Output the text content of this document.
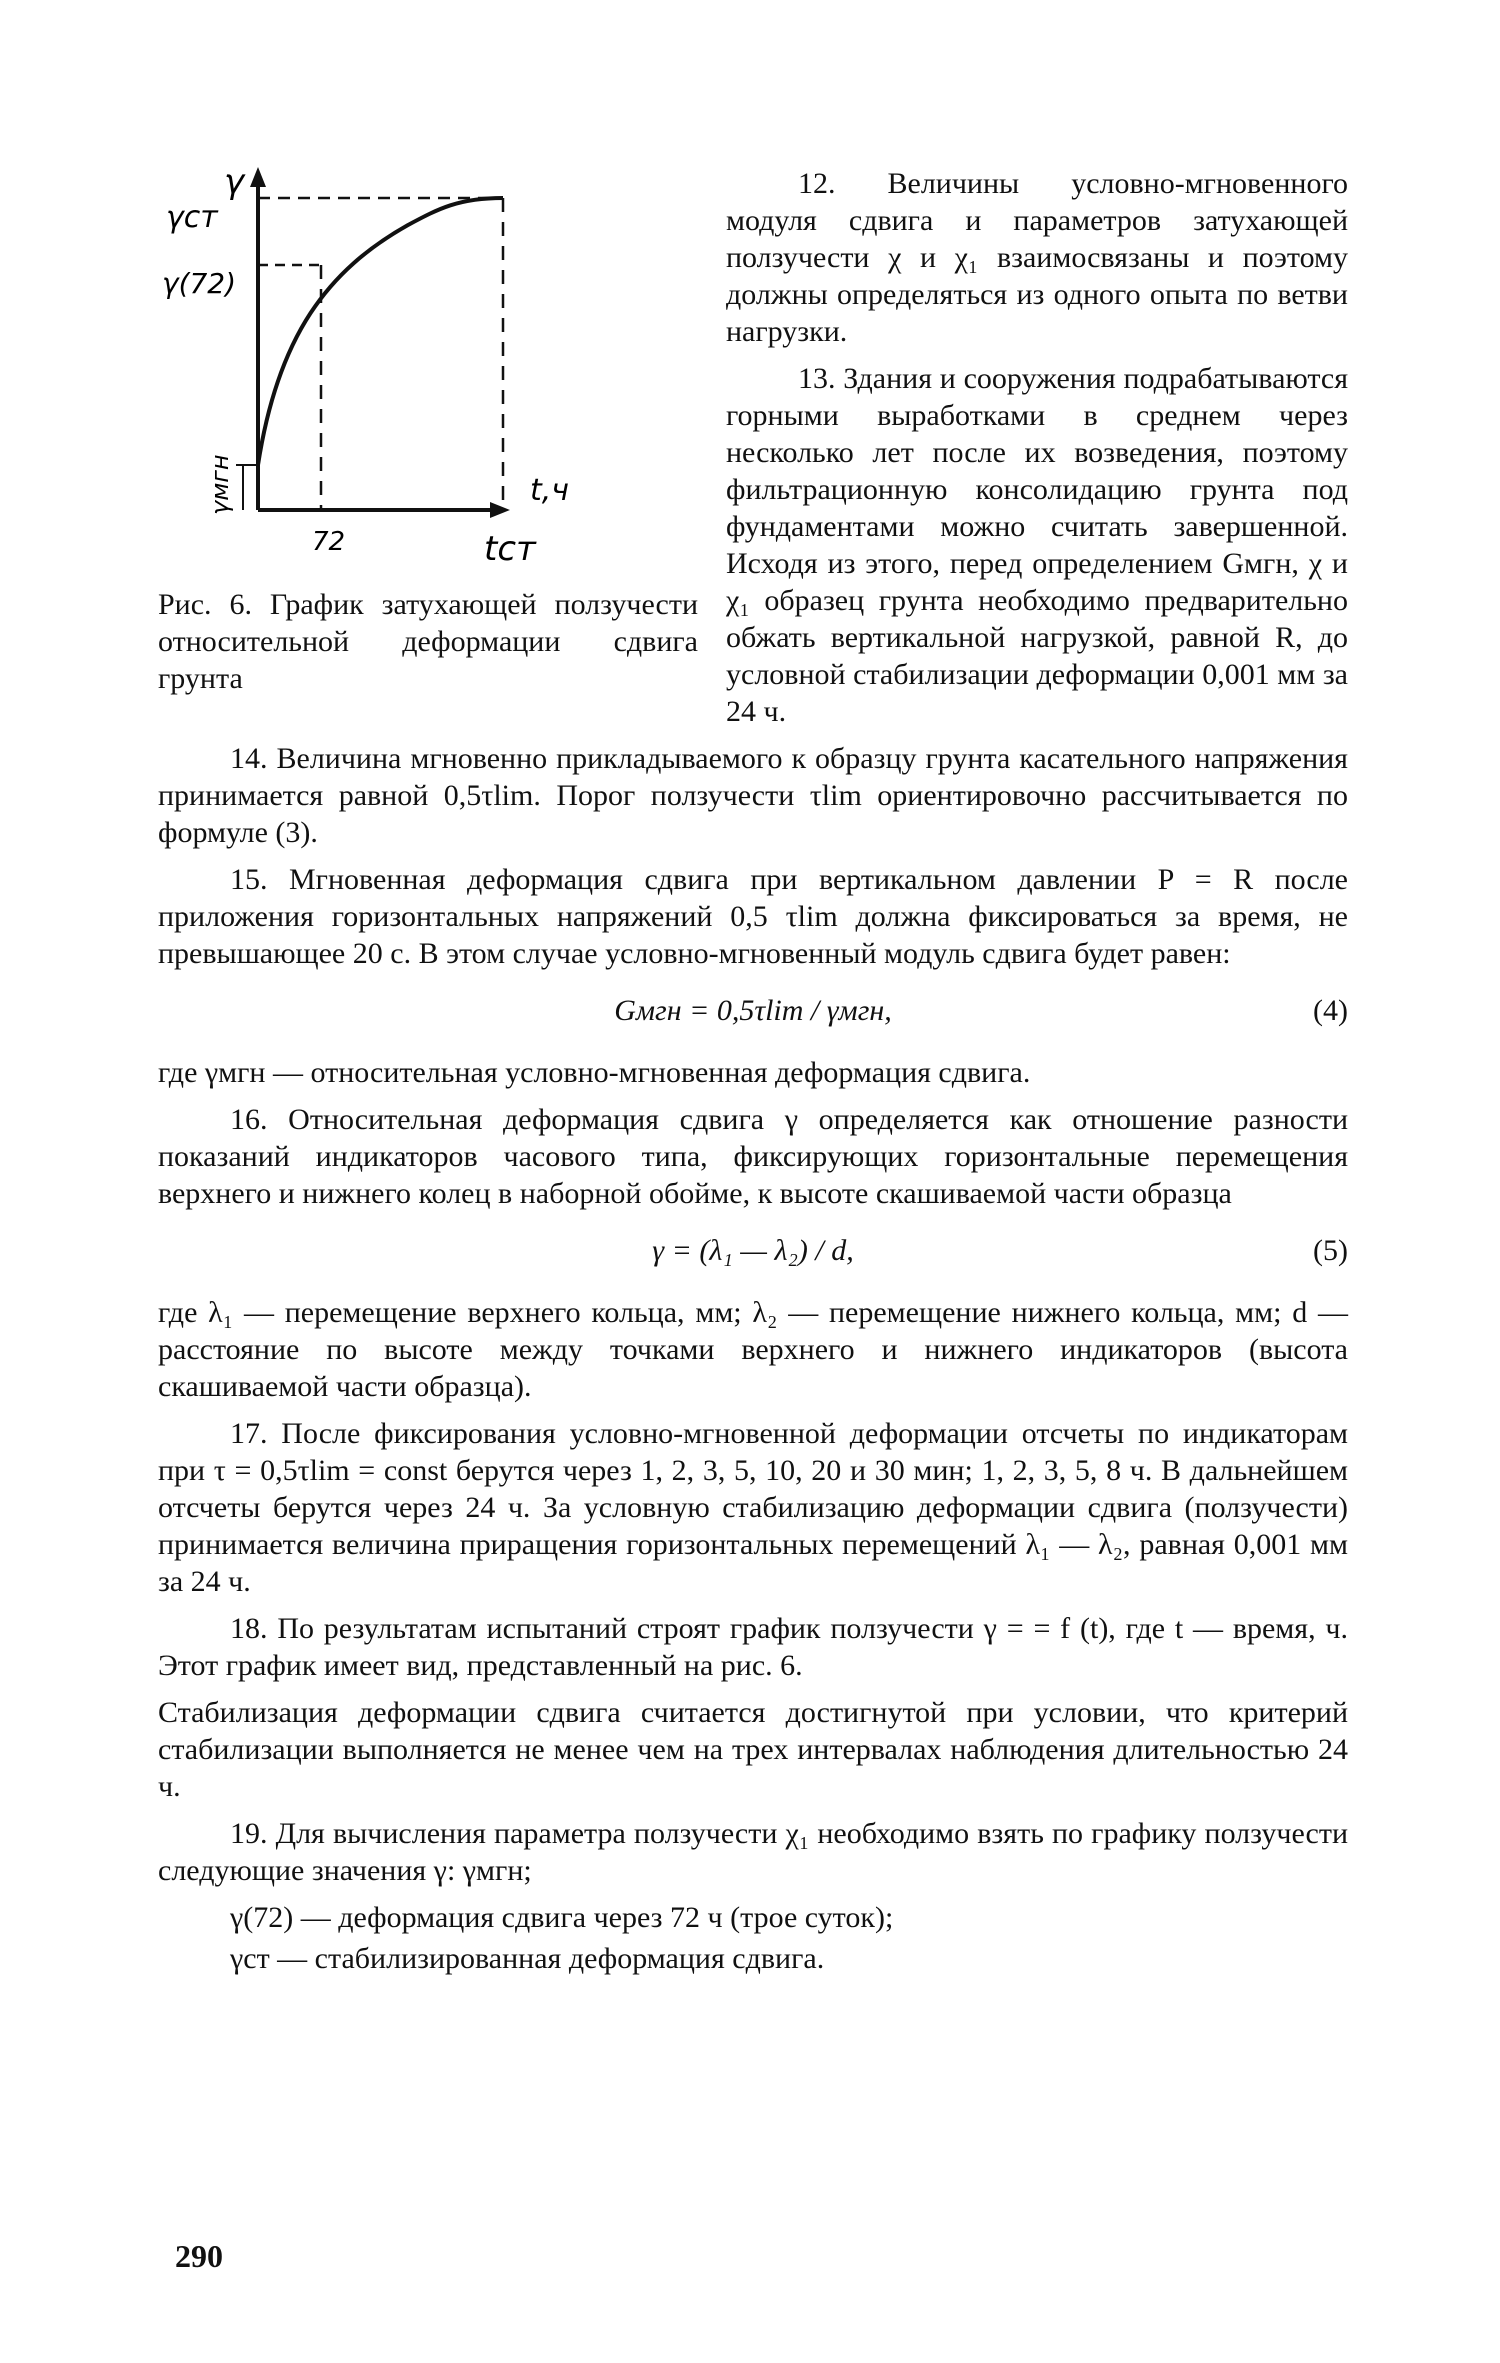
γ
γст
γ(72)
γмгн	t,ч
72	tст

Рис. 6. График затухающей ползучести относительной деформации сдвига грунта

12. Величины условно-мгновенного модуля сдвига и параметров затухающей ползучести χ и χ₁ взаимосвязаны и поэтому должны определяться из одного опыта по ветви нагрузки.

13. Здания и сооружения подрабатываются горными выработками в среднем через несколько лет после их возведения, поэтому фильтрационную консолидацию грунта под фундаментами можно считать завершенной. Исходя из этого, перед определением Gмгн, χ и χ₁ образец грунта необходимо предварительно обжать вертикальной нагрузкой, равной R, до условной стабилизации деформации 0,001 мм за 24 ч.

14. Величина мгновенно прикладываемого к образцу грунта касательного напряжения принимается равной 0,5τlim. Порог ползучести τlim ориентировочно рассчитывается по формуле (3).

15. Мгновенная деформация сдвига при вертикальном давлении P = R после приложения горизонтальных напряжений 0,5 τlim должна фиксироваться за время, не превышающее 20 с. В этом случае условно-мгновенный модуль сдвига будет равен:

Gмгн = 0,5τlim / γмгн,	(4)

где γмгн — относительная условно-мгновенная деформация сдвига.

16. Относительная деформация сдвига γ определяется как отношение разности показаний индикаторов часового типа, фиксирующих горизонтальные перемещения верхнего и нижнего колец в наборной обойме, к высоте скашиваемой части образца

γ = (λ₁ — λ₂) / d,	(5)

где λ₁ — перемещение верхнего кольца, мм; λ₂ — перемещение нижнего кольца, мм; d — расстояние по высоте между точками верхнего и нижнего индикаторов (высота скашиваемой части образца).

17. После фиксирования условно-мгновенной деформации отсчеты по индикаторам при τ = 0,5τlim = const берутся через 1, 2, 3, 5, 10, 20 и 30 мин; 1, 2, 3, 5, 8 ч. В дальнейшем отсчеты берутся через 24 ч. За условную стабилизацию деформации сдвига (ползучести) принимается величина приращения горизонтальных перемещений λ₁ — λ₂, равная 0,001 мм за 24 ч.

18. По результатам испытаний строят график ползучести γ = = f (t), где t — время, ч. Этот график имеет вид, представленный на рис. 6.

Стабилизация деформации сдвига считается достигнутой при условии, что критерий стабилизации выполняется не менее чем на трех интервалах наблюдения длительностью 24 ч.

19. Для вычисления параметра ползучести χ₁ необходимо взять по графику ползучести следующие значения γ: γмгн;

γ(72) — деформация сдвига через 72 ч (трое суток);

γст — стабилизированная деформация сдвига.

290
